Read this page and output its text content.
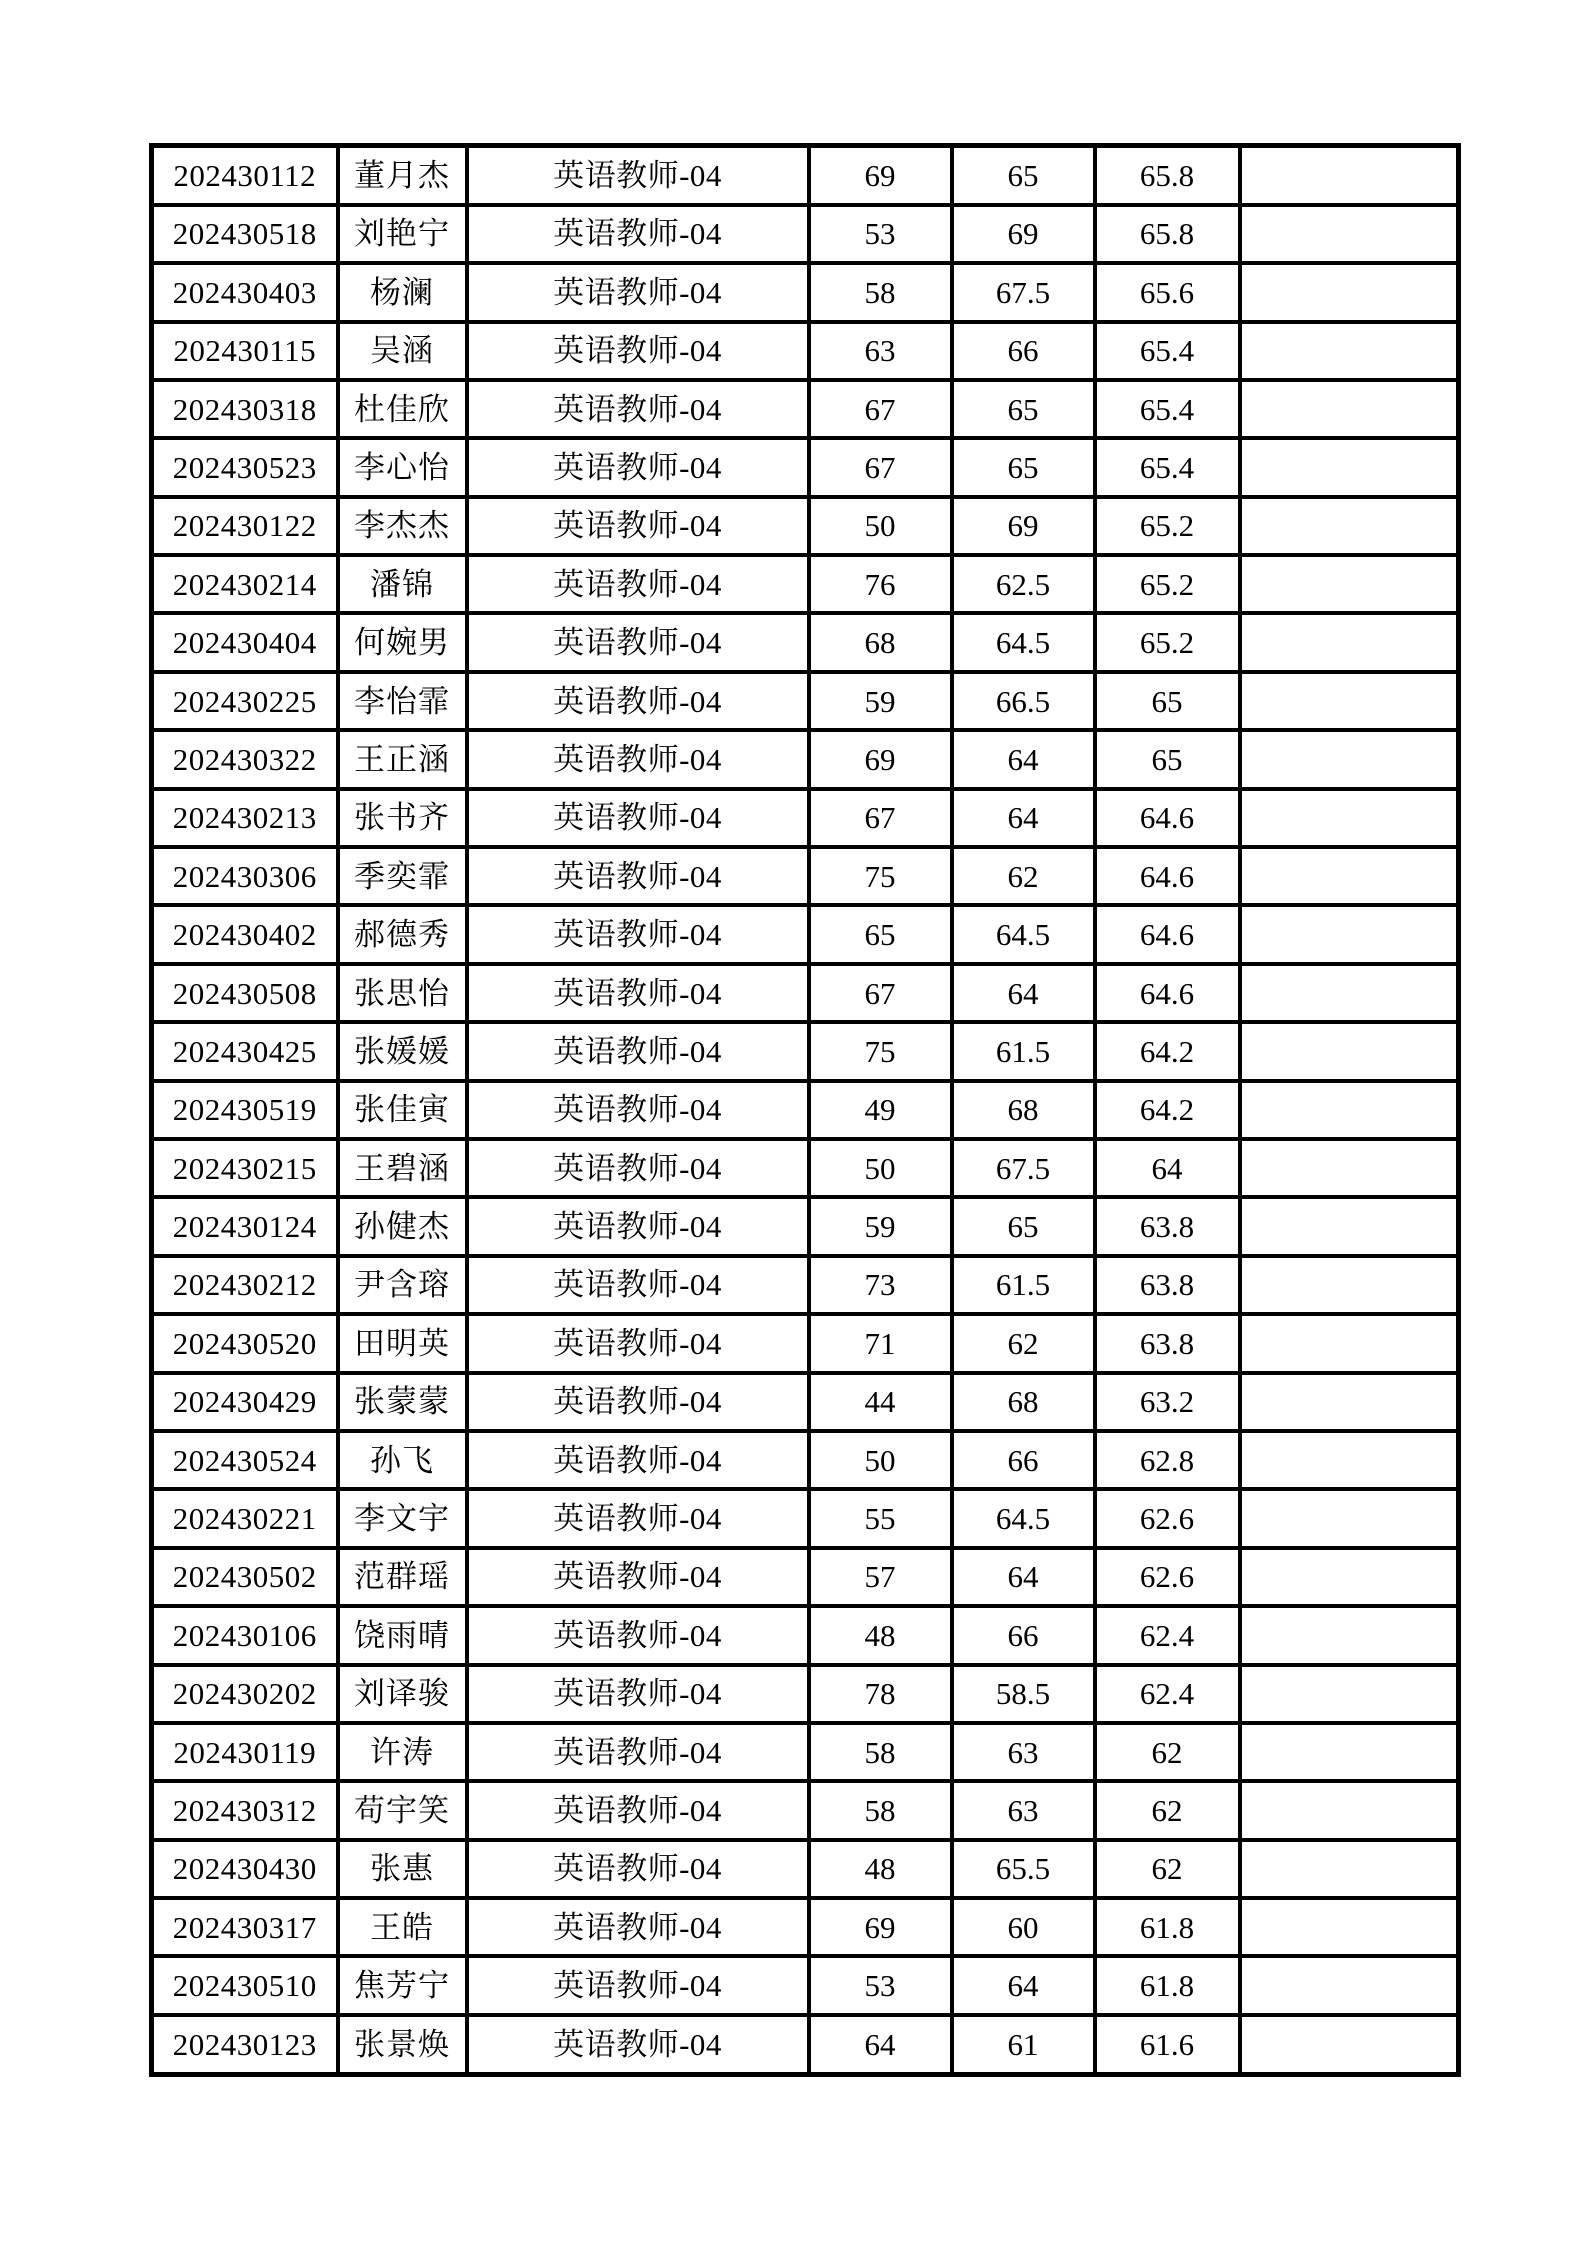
202430112	董月杰	英语教师-04	69	65	65.8	
202430518	刘艳宁	英语教师-04	53	69	65.8	
202430403	杨澜	英语教师-04	58	67.5	65.6	
202430115	吴涵	英语教师-04	63	66	65.4	
202430318	杜佳欣	英语教师-04	67	65	65.4	
202430523	李心怡	英语教师-04	67	65	65.4	
202430122	李杰杰	英语教师-04	50	69	65.2	
202430214	潘锦	英语教师-04	76	62.5	65.2	
202430404	何婉男	英语教师-04	68	64.5	65.2	
202430225	李怡霏	英语教师-04	59	66.5	65	
202430322	王正涵	英语教师-04	69	64	65	
202430213	张书齐	英语教师-04	67	64	64.6	
202430306	季奕霏	英语教师-04	75	62	64.6	
202430402	郝德秀	英语教师-04	65	64.5	64.6	
202430508	张思怡	英语教师-04	67	64	64.6	
202430425	张媛媛	英语教师-04	75	61.5	64.2	
202430519	张佳寅	英语教师-04	49	68	64.2	
202430215	王碧涵	英语教师-04	50	67.5	64	
202430124	孙健杰	英语教师-04	59	65	63.8	
202430212	尹含瑢	英语教师-04	73	61.5	63.8	
202430520	田明英	英语教师-04	71	62	63.8	
202430429	张蒙蒙	英语教师-04	44	68	63.2	
202430524	孙飞	英语教师-04	50	66	62.8	
202430221	李文宇	英语教师-04	55	64.5	62.6	
202430502	范群瑶	英语教师-04	57	64	62.6	
202430106	饶雨晴	英语教师-04	48	66	62.4	
202430202	刘译骏	英语教师-04	78	58.5	62.4	
202430119	许涛	英语教师-04	58	63	62	
202430312	苟宇笑	英语教师-04	58	63	62	
202430430	张惠	英语教师-04	48	65.5	62	
202430317	王皓	英语教师-04	69	60	61.8	
202430510	焦芳宁	英语教师-04	53	64	61.8	
202430123	张景焕	英语教师-04	64	61	61.6	
